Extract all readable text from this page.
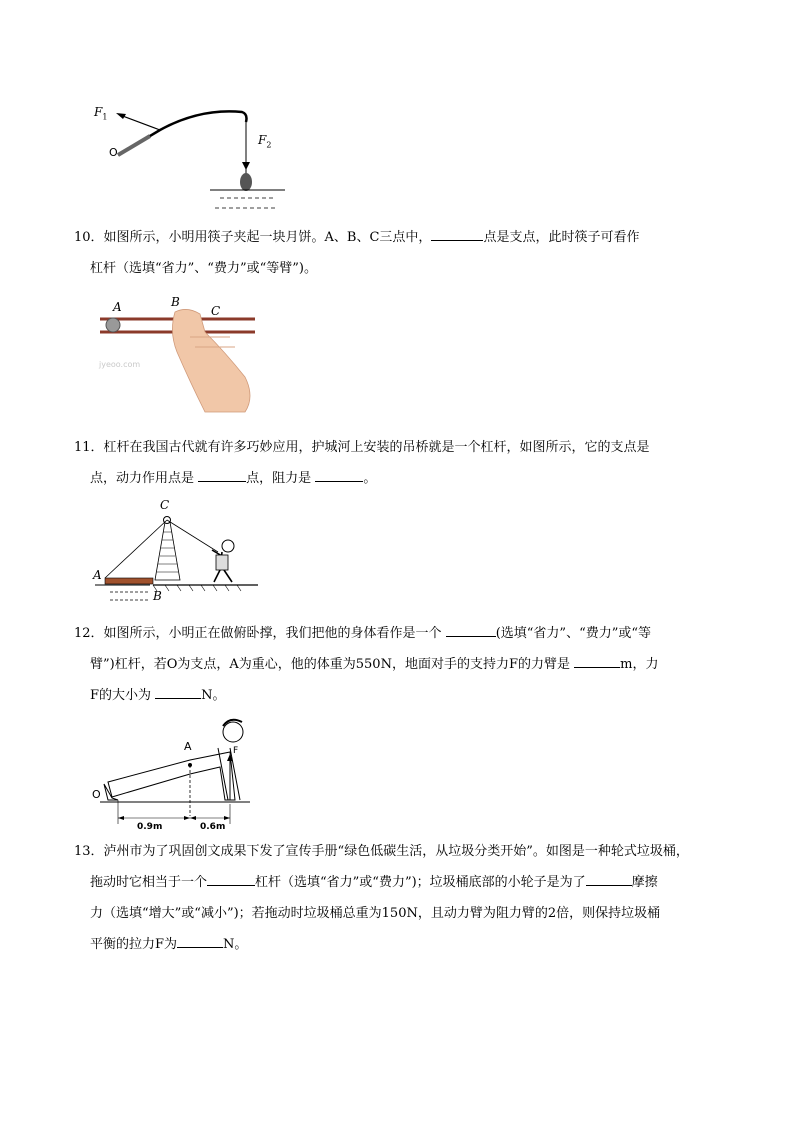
$F_1$
$F_2$
O

10．如图所示，小明用筷子夹起一块月饼。A、B、C三点中，	点是支点，此时筷子可看作

杠杆（选填“省力”、“费力”或“等臂”)。

A	B
C
jyeoo.com

11．杠杆在我国古代就有许多巧妙应用，护城河上安装的吊桥就是一个杠杆，如图所示，它的支点是

点，动力作用点是	点，阻力是	。

A
B
C

12．如图所示，小明正在做俯卧撑，我们把他的身体看作是一个	(选填“省力”、“费力”或“等

臂”)杠杆，若O为支点，A为重心，他的体重为550N，地面对手的支持力F的力臂是	m，力

F的大小为	N。

O
A	F
0.9m	0.6m

13．泸州市为了巩固创文成果下发了宣传手册“绿色低碳生活，从垃圾分类开始”。如图是一种轮式垃圾桶，

拖动时它相当于一个	杠杆（选填“省力”或“费力”)；垃圾桶底部的小轮子是为了	摩擦

力（选填“增大”或“减小”)；若拖动时垃圾桶总重为150N，且动力臂为阻力臂的2倍，则保持垃圾桶

平衡的拉力F为	N。
